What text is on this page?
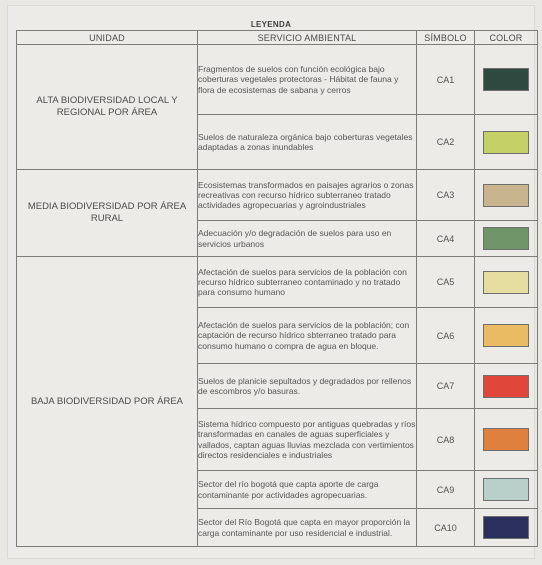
LEYENDA
UNIDAD	SERVICIO AMBIENTAL	SÍMBOLO	COLOR
ALTA BIODIVERSIDAD LOCAL Y REGIONAL POR ÁREA	Fragmentos de suelos con función ecológica bajo coberturas vegetales protectoras - Hábitat de fauna y flora de ecosistemas de sabana y cerros	CA1	
	Suelos de naturaleza orgánica bajo coberturas vegetales adaptadas a zonas inundables	CA2	
MEDIA BIODIVERSIDAD POR ÁREA RURAL	Ecosistemas transformados en paisajes agrarios o zonas recreativas con recurso hídrico subterraneo tratado actividades agropecuarias y agroindustriales	CA3	
	Adecuación y/o degradación de suelos para uso en servicios urbanos	CA4	
BAJA BIODIVERSIDAD POR ÁREA	Afectación de suelos para servicios de la población con recurso hídrico subterraneo contaminado y no tratado para consumo humano	CA5	
	Afectación de suelos para servicios de la población; con captación de recurso hídrico sbterraneo tratado para consumo humano o compra de agua en bloque.	CA6	
	Suelos de planicie sepultados y degradados por rellenos de escombros y/o basuras.	CA7	
	Sistema hídrico compuesto por antiguas quebradas y ríos transformadas en canales de aguas superficiales y vallados, captan aguas lluvias mezclada con vertimientos directos residenciales e industriales	CA8	
	Sector del río bogotá que capta aporte de carga contaminante por actividades agropecuarias.	CA9	
	Sector del Río Bogotá que capta en mayor proporción la carga contaminante por uso residencial e industrial.	CA10	
